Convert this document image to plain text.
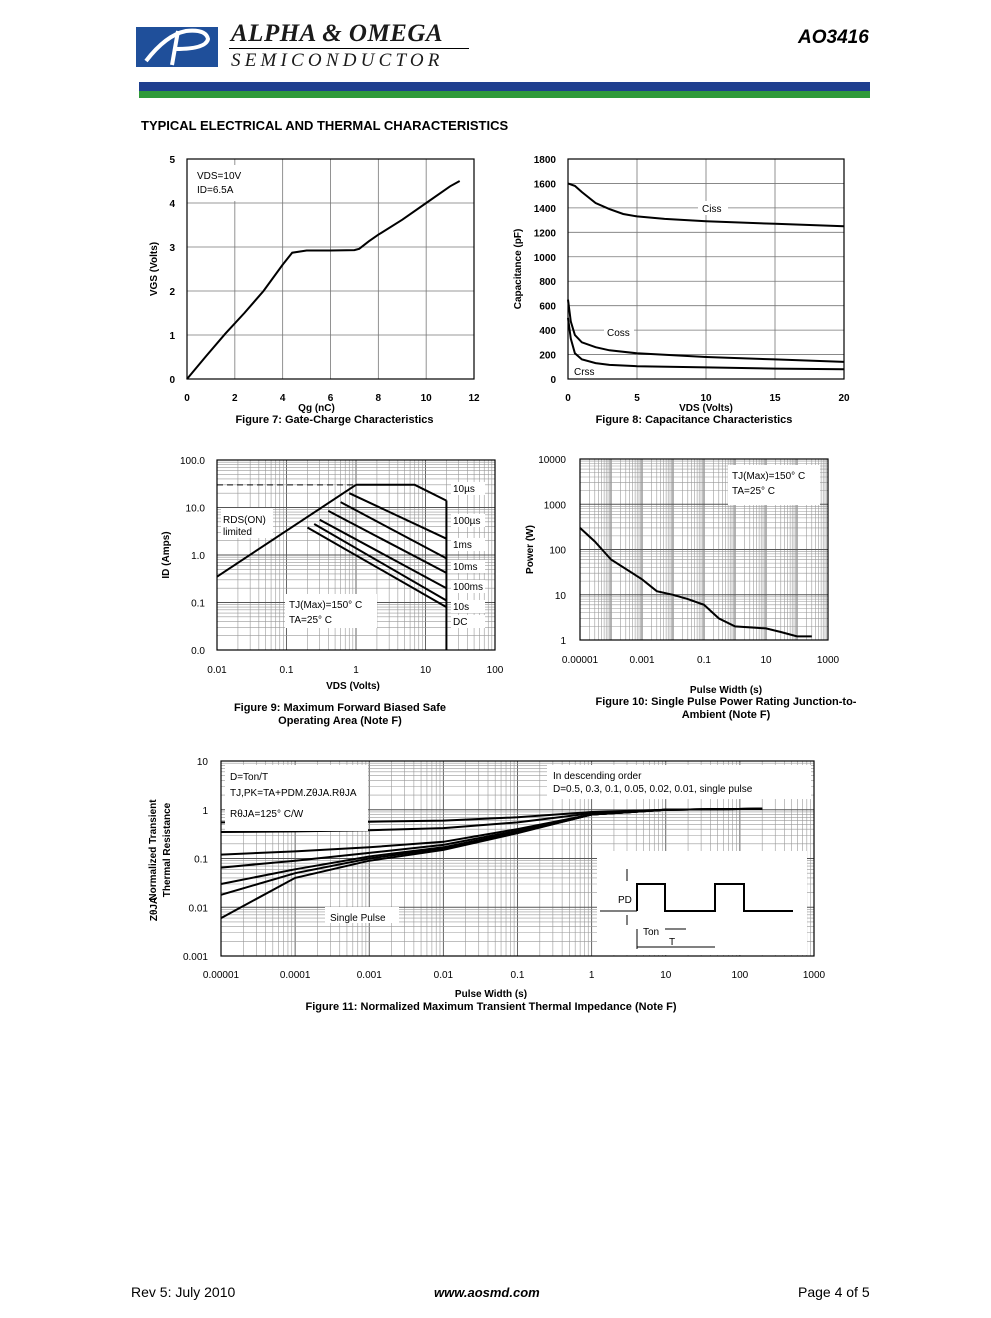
ALPHA & OMEGA
SEMICONDUCTOR
AO3416
TYPICAL ELECTRICAL AND THERMAL CHARACTERISTICS
VDS=10V
ID=6.5A
0	2	4	6	8	10	12
0
1
2
3
4
5
Qg (nC)
VGS (Volts)
Figure 7: Gate-Charge Characteristics
Ciss
Coss
Crss
0	5	10	15	20
0
200
400
600
800
1000
1200
1400
1600
1800
VDS (Volts)
Capacitance (pF)
Figure 8: Capacitance Characteristics
RDS(ON)
limited
TJ(Max)=150° C
TA=25° C
10µs
100µs
1ms
10ms
100ms
10s
DC
0.01	0.1	1	10	100
0.0
0.1
1.0
10.0
100.0
VDS (Volts)
ID (Amps)
Figure 9: Maximum Forward Biased Safe
Operating Area (Note F)
TJ(Max)=150° C
TA=25° C
0.00001	0.001	0.1	10	1000
1
10
100
1000
10000
Pulse Width (s)
Power (W)
Figure 10: Single Pulse Power Rating Junction-to-
Ambient (Note F)
D=Ton/T
TJ,PK=TA+PDM.ZθJA.RθJA
RθJA=125° C/W
In descending order
D=0.5, 0.3, 0.1, 0.05, 0.02, 0.01, single pulse
Single Pulse
PD
Ton
T
0.00001	0.0001	0.001	0.01	0.1	1	10	100	1000
0.001
0.01
0.1
1
10
Pulse Width (s)
Normalized Transient Thermal Resistance
ZθJA
Figure 11: Normalized Maximum Transient Thermal Impedance (Note F)
Rev 5: July 2010	www.aosmd.com	Page 4 of 5
